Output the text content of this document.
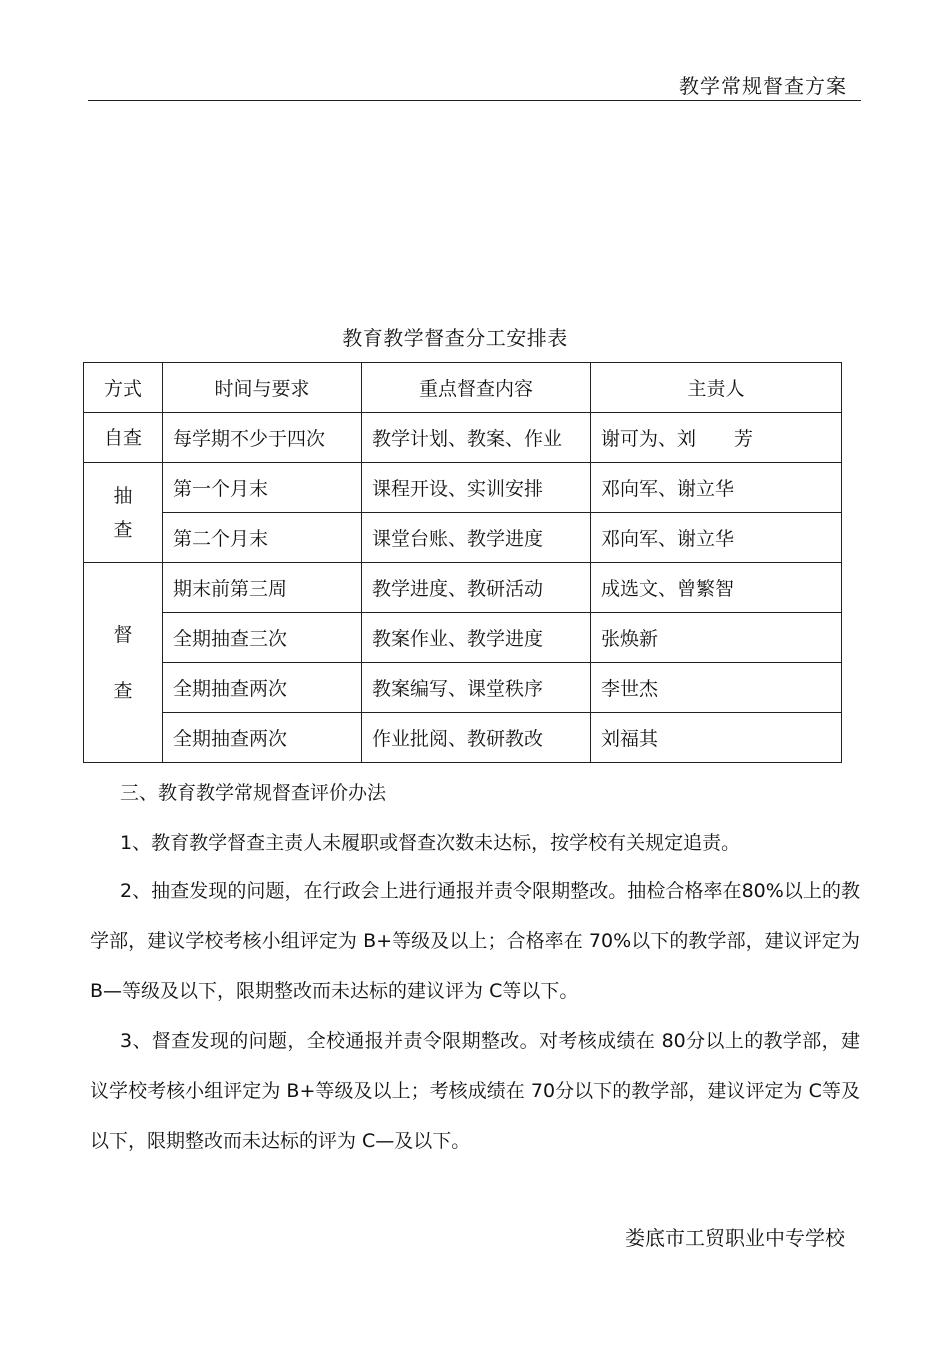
教学常规督查方案
教育教学督查分工安排表
方式	时间与要求	重点督查内容	主责人
自查	每学期不少于四次	教学计划、教案、作业	谢可为、刘　　芳
抽查	第一个月末	课程开设、实训安排	邓向军、谢立华
	第二个月末	课堂台账、教学进度	邓向军、谢立华
督查	期末前第三周	教学进度、教研活动	成选文、曾繁智
	全期抽查三次	教案作业、教学进度	张焕新
	全期抽查两次	教案编写、课堂秩序	李世杰
	全期抽查两次	作业批阅、教研教改	刘福其
三、教育教学常规督查评价办法
1、教育教学督查主责人未履职或督查次数未达标，按学校有关规定追责。
2、抽查发现的问题，在行政会上进行通报并责令限期整改。抽检合格率在80%以上的教学部，建议学校考核小组评定为 B+等级及以上；合格率在 70%以下的教学部，建议评定为 B—等级及以下，限期整改而未达标的建议评为 C等以下。
3、督查发现的问题，全校通报并责令限期整改。对考核成绩在 80分以上的教学部，建议学校考核小组评定为 B+等级及以上；考核成绩在 70分以下的教学部，建议评定为 C等及以下，限期整改而未达标的评为 C—及以下。
娄底市工贸职业中专学校
